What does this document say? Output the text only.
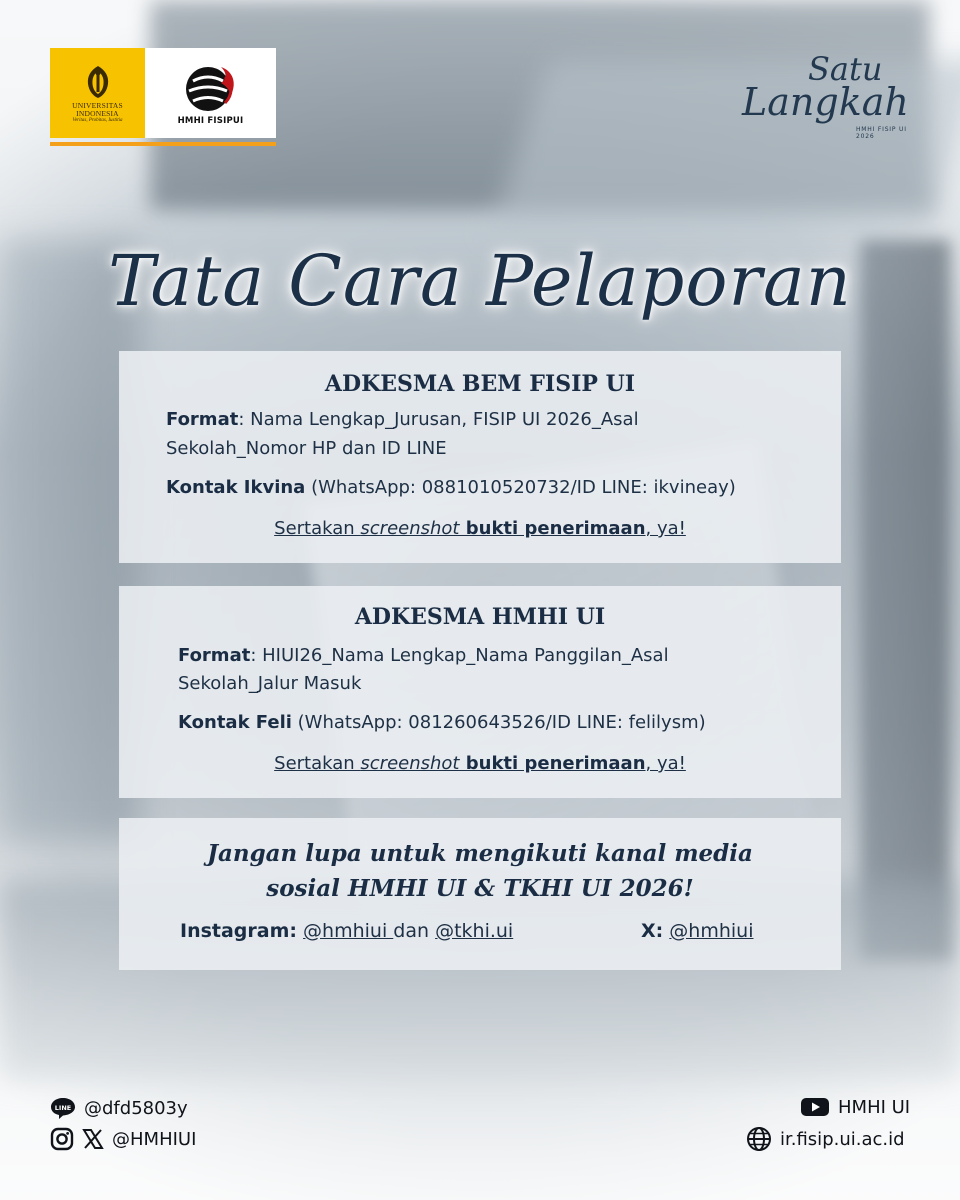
UNIVERSITAS INDONESIA
Veritas, Probitas, Iustitia	HMHI FISIPUI
Satu
Langkah
HMHI FISIP UI 2026
Tata Cara Pelaporan
ADKESMA BEM FISIP UI
Format: Nama Lengkap_Jurusan, FISIP UI 2026_Asal
Sekolah_Nomor HP dan ID LINE
Kontak Ikvina (WhatsApp: 0881010520732/ID LINE: ikvineay)
Sertakan screenshot bukti penerimaan, ya!
ADKESMA HMHI UI
Format: HIUI26_Nama Lengkap_Nama Panggilan_Asal
Sekolah_Jalur Masuk
Kontak Feli (WhatsApp: 081260643526/ID LINE: felilysm)
Sertakan screenshot bukti penerimaan, ya!
Jangan lupa untuk mengikuti kanal media
sosial HMHI UI & TKHI UI 2026!
Instagram: @hmhiui dan @tkhi.ui	X: @hmhiui
LINE @dfd5803y
@HMHIUI
HMHI UI
ir.fisip.ui.ac.id
